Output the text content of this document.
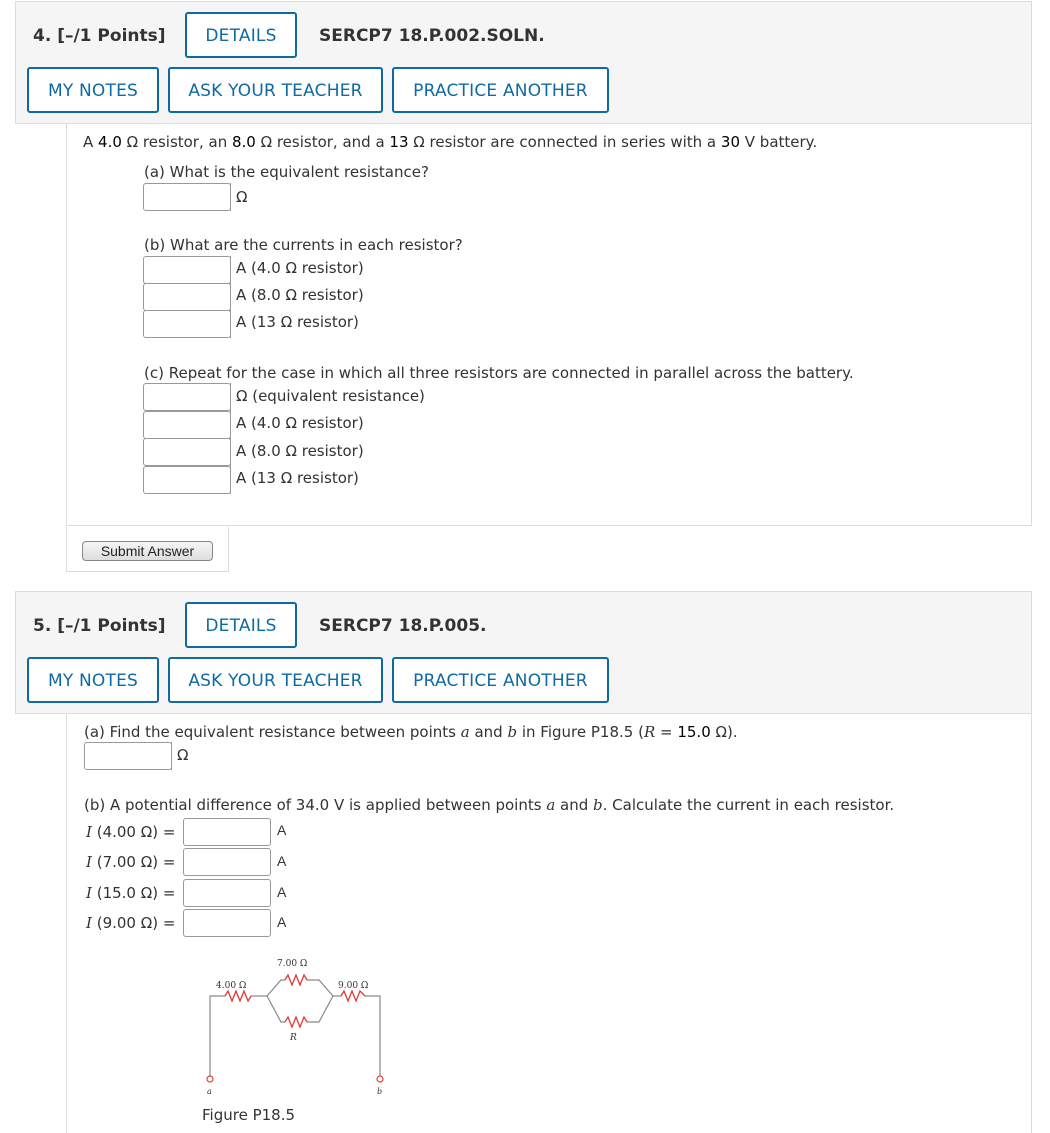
4. [–/1 Points]	DETAILS	SERCP7 18.P.002.SOLN.
MY NOTES	ASK YOUR TEACHER	PRACTICE ANOTHER
A 4.0 Ω resistor, an 8.0 Ω resistor, and a 13 Ω resistor are connected in series with a 30 V battery.
(a) What is the equivalent resistance?
Ω
(b) What are the currents in each resistor?
A (4.0 Ω resistor)
A (8.0 Ω resistor)
A (13 Ω resistor)
(c) Repeat for the case in which all three resistors are connected in parallel across the battery.
Ω (equivalent resistance)
A (4.0 Ω resistor)
A (8.0 Ω resistor)
A (13 Ω resistor)
Submit Answer
5. [–/1 Points]	DETAILS	SERCP7 18.P.005.
MY NOTES	ASK YOUR TEACHER	PRACTICE ANOTHER
(a) Find the equivalent resistance between points a and b in Figure P18.5 (R = 15.0 Ω).
Ω
(b) A potential difference of 34.0 V is applied between points a and b. Calculate the current in each resistor.
I (4.00 Ω) =	A
I (7.00 Ω) =	A
I (15.0 Ω) =	A
I (9.00 Ω) =	A
7.00 Ω
4.00 Ω	9.00 Ω
R
a	b
Figure P18.5
